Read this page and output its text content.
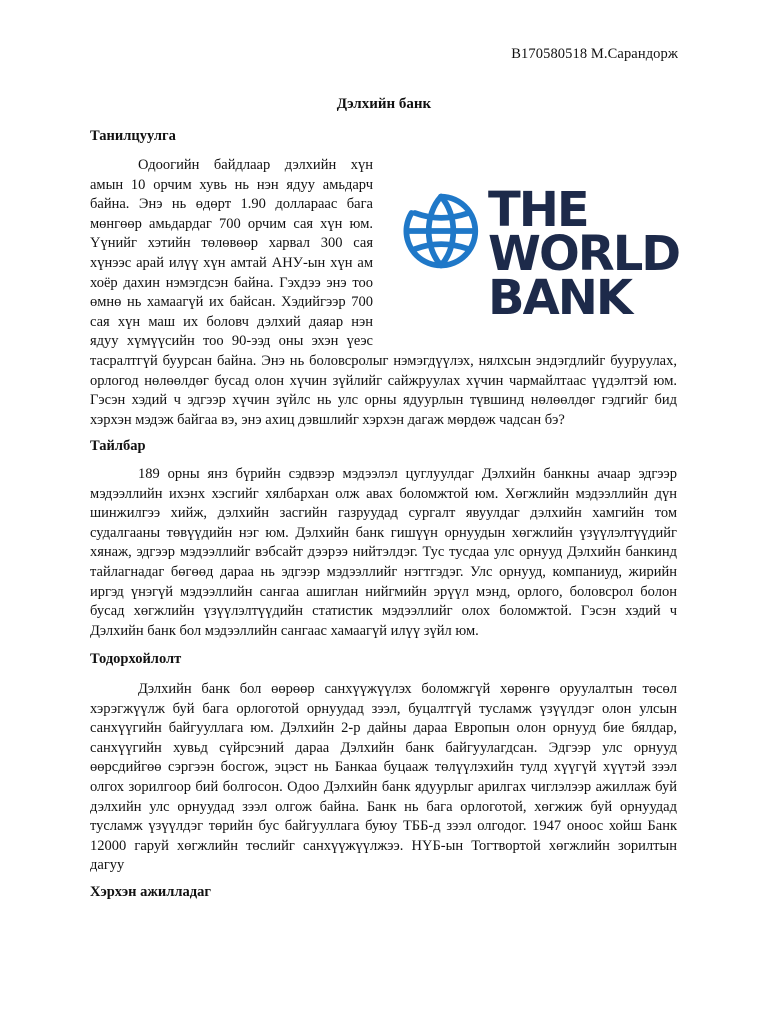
B170580518 М.Сарандорж
Дэлхийн банк
Танилцуулга

Одоогийн байдлаар дэлхийн хүн амын 10 орчим хувь нь нэн ядуу амьдарч байна. Энэ нь өдөрт 1.90 доллараас бага мөнгөөр амьдардаг 700 орчим сая хүн юм. Үүнийг хэтийн төлөвөөр харвал 300 сая хүнээс арай илүү хүн амтай АНУ-ын хүн ам хоёр дахин нэмэгдсэн байна. Гэхдээ энэ тоо өмнө нь хамаагүй их байсан. Хэдийгээр 700 сая хүн маш их боловч дэлхий даяар нэн ядуу хүмүүсийн тоо 90-ээд оны эхэн үеэс тасралтгүй буурсан байна. Энэ нь боловсролыг нэмэгдүүлэх, нялхсын эндэгдлийг бууруулах, орлогод нөлөөлдөг бусад олон хүчин зүйлийг сайжруулах хүчин чармайлтаас үүдэлтэй юм. Гэсэн хэдий ч эдгээр хүчин зүйлс нь улс орны ядуурлын түвшинд нөлөөлдөг гэдгийг бид хэрхэн мэдэж байгаа вэ, энэ ахиц дэвшлийг хэрхэн дагаж мөрдөж чадсан бэ?

THE
WORLD
BANK
Тайлбар

189 орны янз бүрийн сэдвээр мэдээлэл цуглуулдаг Дэлхийн банкны ачаар эдгээр мэдээллийн ихэнх хэсгийг хялбархан олж авах боломжтой юм. Хөгжлийн мэдээллийн дүн шинжилгээ хийж, дэлхийн засгийн газруудад сургалт явуулдаг дэлхийн хамгийн том судалгааны төвүүдийн нэг юм. Дэлхийн банк гишүүн орнуудын хөгжлийн үзүүлэлтүүдийг хянаж, эдгээр мэдээллийг вэбсайт дээрээ нийтэлдэг. Тус тусдаа улс орнууд Дэлхийн банкинд тайлагнадаг бөгөөд дараа нь эдгээр мэдээллийг нэгтгэдэг. Улс орнууд, компаниуд, жирийн иргэд үнэгүй мэдээллийн сангаа ашиглан нийгмийн эрүүл мэнд, орлого, боловсрол болон бусад хөгжлийн үзүүлэлтүүдийн статистик мэдээллийг олох боломжтой. Гэсэн хэдий ч Дэлхийн банк бол мэдээллийн сангаас хамаагүй илүү зүйл юм.

Тодорхойлолт

Дэлхийн банк бол өөрөөр санхүүжүүлэх боломжгүй хөрөнгө оруулалтын төсөл хэрэгжүүлж буй бага орлоготой орнуудад зээл, буцалтгүй тусламж үзүүлдэг олон улсын санхүүгийн байгууллага юм. Дэлхийн 2-р дайны дараа Европын олон орнууд бие бялдар, санхүүгийн хувьд сүйрсэний дараа Дэлхийн банк байгуулагдсан. Эдгээр улс орнууд өөрсдийгөө сэргээн босгож, эцэст нь Банкаа буцааж төлүүлэхийн тулд хүүгүй хүүтэй зээл олгох зорилгоор бий болгосон. Одоо Дэлхийн банк ядуурлыг арилгах чиглэлээр ажиллаж буй дэлхийн улс орнуудад зээл олгож байна. Банк нь бага орлоготой, хөгжиж буй орнуудад тусламж үзүүлдэг төрийн бус байгууллага буюу ТББ-д зээл олгодог. 1947 оноос хойш Банк 12000 гаруй хөгжлийн төслийг санхүүжүүлжээ. НҮБ-ын Тогтвортой хөгжлийн зорилтын дагуу

Хэрхэн ажилладаг
